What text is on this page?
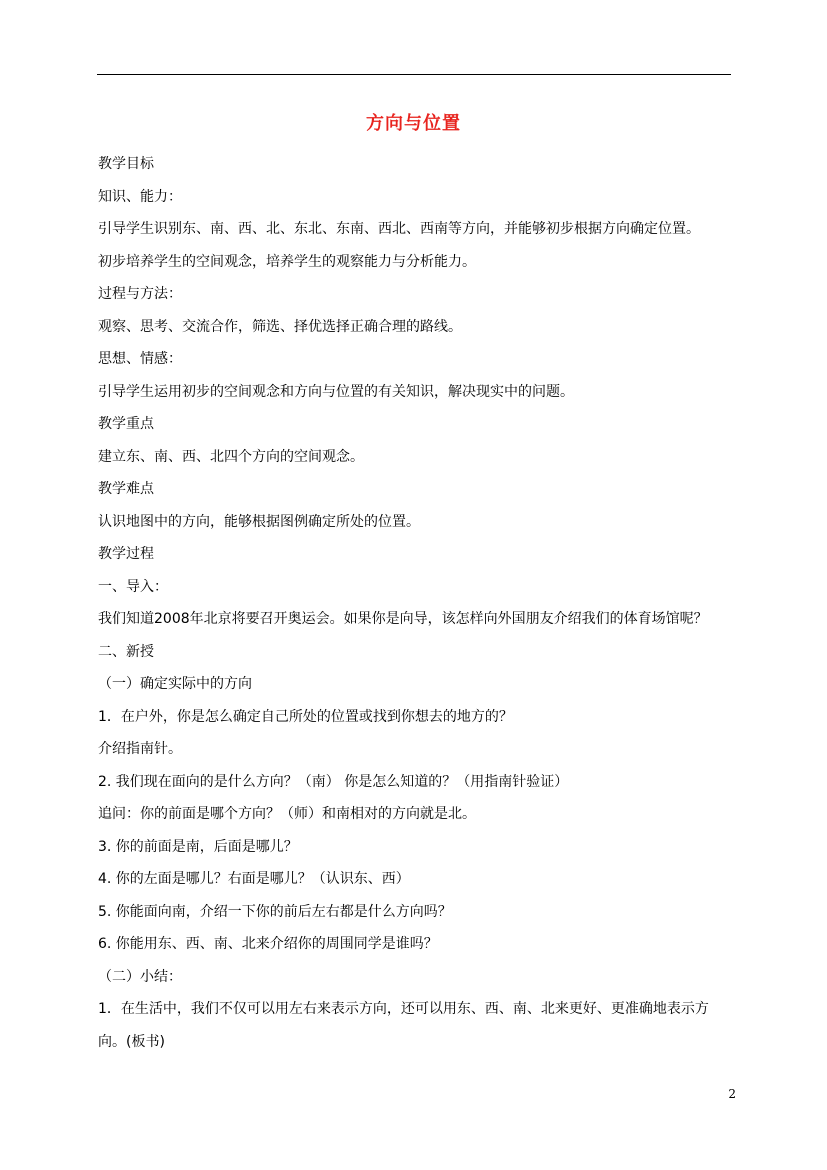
方向与位置
教学目标
知识、能力：
引导学生识别东、南、西、北、东北、东南、西北、西南等方向，并能够初步根据方向确定位置。
初步培养学生的空间观念，培养学生的观察能力与分析能力。
过程与方法：
观察、思考、交流合作，筛选、择优选择正确合理的路线。
思想、情感：
引导学生运用初步的空间观念和方向与位置的有关知识，解决现实中的问题。
教学重点
建立东、南、西、北四个方向的空间观念。
教学难点
认识地图中的方向，能够根据图例确定所处的位置。
教学过程
一、导入：
我们知道2008年北京将要召开奥运会。如果你是向导，该怎样向外国朋友介绍我们的体育场馆呢？
二、新授
（一）确定实际中的方向
1．在户外，你是怎么确定自己所处的位置或找到你想去的地方的？
介绍指南针。
2. 我们现在面向的是什么方向？（南） 你是怎么知道的？（用指南针验证）
追问：你的前面是哪个方向？（师）和南相对的方向就是北。
3. 你的前面是南，后面是哪儿？
4. 你的左面是哪儿？右面是哪儿？（认识东、西）
5. 你能面向南，介绍一下你的前后左右都是什么方向吗？
6. 你能用东、西、南、北来介绍你的周围同学是谁吗？
（二）小结：
1．在生活中，我们不仅可以用左右来表示方向，还可以用东、西、南、北来更好、更准确地表示方
向。(板书)
2
